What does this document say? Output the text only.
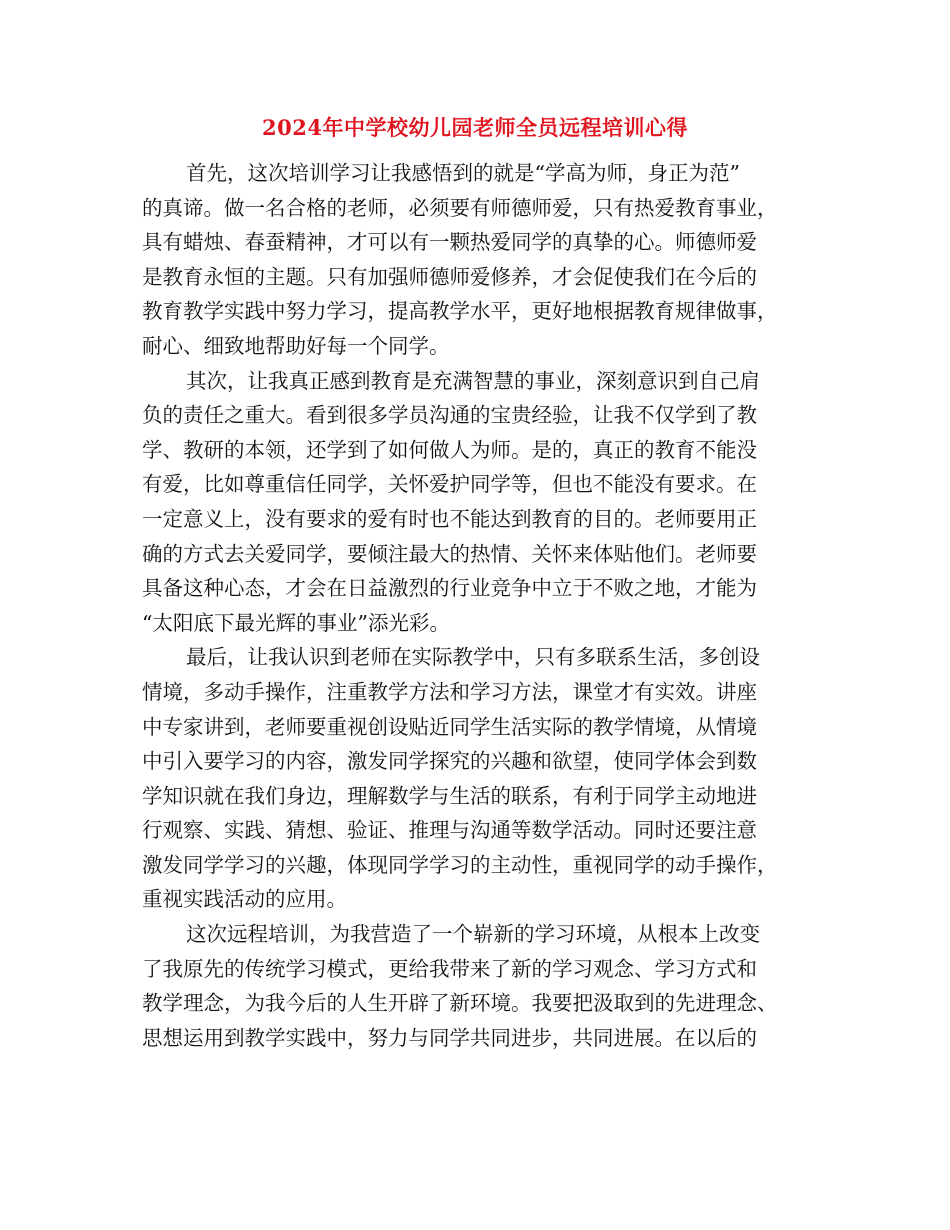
2024年中学校幼儿园老师全员远程培训心得
首先，这次培训学习让我感悟到的就是“学高为师，身正为范”
的真谛。做一名合格的老师，必须要有师德师爱，只有热爱教育事业，
具有蜡烛、春蚕精神，才可以有一颗热爱同学的真挚的心。师德师爱
是教育永恒的主题。只有加强师德师爱修养，才会促使我们在今后的
教育教学实践中努力学习，提高教学水平，更好地根据教育规律做事，
耐心、细致地帮助好每一个同学。
其次，让我真正感到教育是充满智慧的事业，深刻意识到自己肩
负的责任之重大。看到很多学员沟通的宝贵经验，让我不仅学到了教
学、教研的本领，还学到了如何做人为师。是的，真正的教育不能没
有爱，比如尊重信任同学，关怀爱护同学等，但也不能没有要求。在
一定意义上，没有要求的爱有时也不能达到教育的目的。老师要用正
确的方式去关爱同学，要倾注最大的热情、关怀来体贴他们。老师要
具备这种心态，才会在日益激烈的行业竞争中立于不败之地，才能为
“太阳底下最光辉的事业”添光彩。
最后，让我认识到老师在实际教学中，只有多联系生活，多创设
情境，多动手操作，注重教学方法和学习方法，课堂才有实效。讲座
中专家讲到，老师要重视创设贴近同学生活实际的教学情境，从情境
中引入要学习的内容，激发同学探究的兴趣和欲望，使同学体会到数
学知识就在我们身边，理解数学与生活的联系，有利于同学主动地进
行观察、实践、猜想、验证、推理与沟通等数学活动。同时还要注意
激发同学学习的兴趣，体现同学学习的主动性，重视同学的动手操作，
重视实践活动的应用。
这次远程培训，为我营造了一个崭新的学习环境，从根本上改变
了我原先的传统学习模式，更给我带来了新的学习观念、学习方式和
教学理念，为我今后的人生开辟了新环境。我要把汲取到的先进理念、
思想运用到教学实践中，努力与同学共同进步，共同进展。在以后的
